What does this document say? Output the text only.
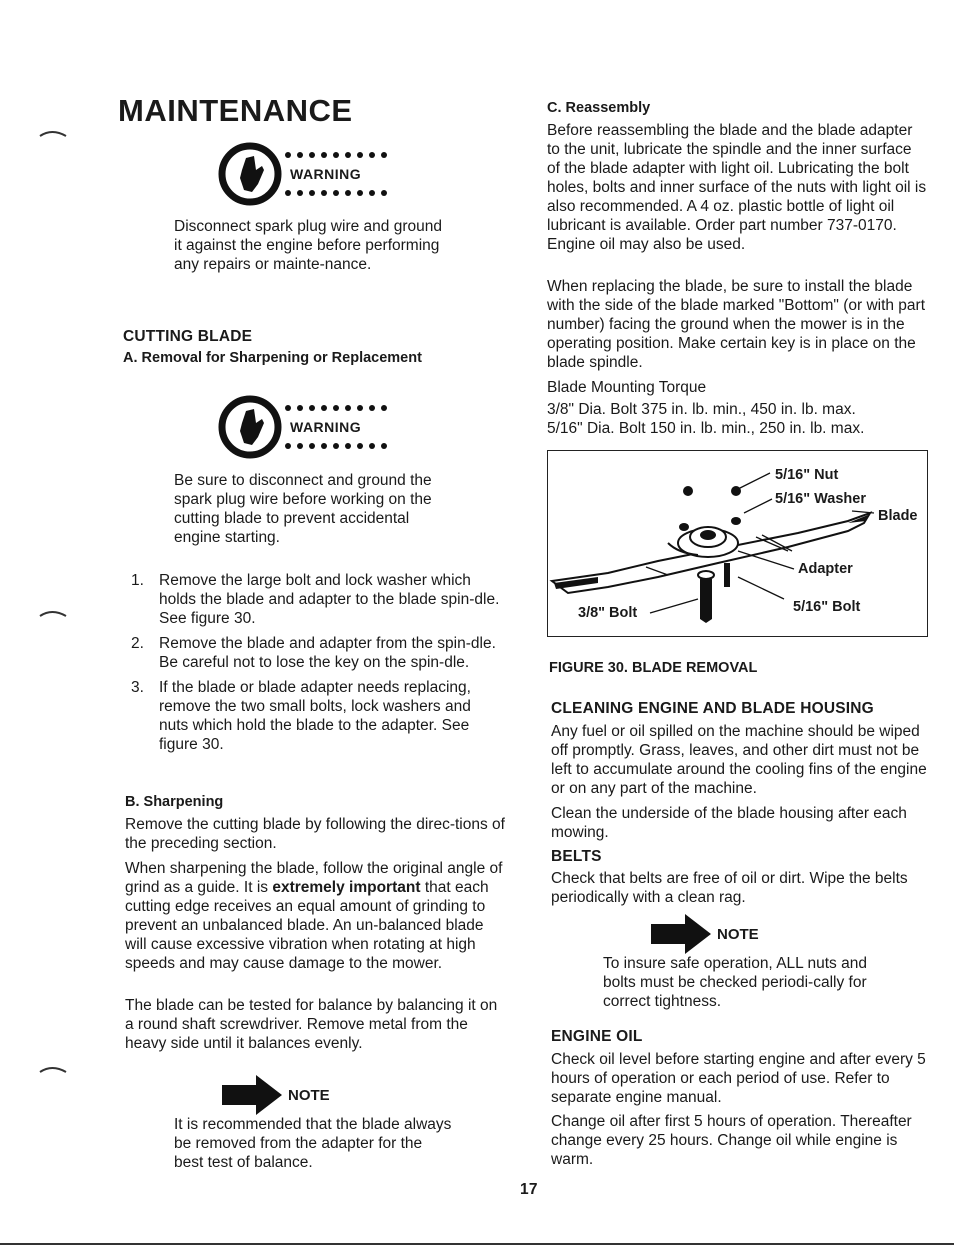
MAINTENANCE
WARNING

Disconnect spark plug wire and ground it against the engine before performing any repairs or mainte-nance.

CUTTING BLADE
A. Removal for Sharpening or Replacement
WARNING

Be sure to disconnect and ground the spark plug wire before working on the cutting blade to prevent accidental engine starting.

1. Remove the large bolt and lock washer which holds the blade and adapter to the blade spin-dle. See figure 30.
2. Remove the blade and adapter from the spin-dle. Be careful not to lose the key on the spin-dle.
3. If the blade or blade adapter needs replacing, remove the two small bolts, lock washers and nuts which hold the blade to the adapter. See figure 30.
B. Sharpening

Remove the cutting blade by following the direc-tions of the preceding section.

When sharpening the blade, follow the original angle of grind as a guide. It is extremely important that each cutting edge receives an equal amount of grinding to prevent an unbalanced blade. An un-balanced blade will cause excessive vibration when rotating at high speeds and may cause damage to the mower.

The blade can be tested for balance by balancing it on a round shaft screwdriver. Remove metal from the heavy side until it balances evenly.

NOTE

It is recommended that the blade always be removed from the adapter for the best test of balance.

C. Reassembly

Before reassembling the blade and the blade adapter to the unit, lubricate the spindle and the inner surface of the blade adapter with light oil. Lubricating the bolt holes, bolts and inner surface of the nuts with light oil is also recommended. A 4 oz. plastic bottle of light oil lubricant is available. Order part number 737-0170. Engine oil may also be used.

When replacing the blade, be sure to install the blade with the side of the blade marked "Bottom" (or with part number) facing the ground when the mower is in the operating position. Make certain key is in place on the blade spindle.

Blade Mounting Torque

3/8" Dia. Bolt 375 in. lb. min., 450 in. lb. max.

5/16" Dia. Bolt 150 in. lb. min., 250 in. lb. max.

5/16" Nut
5/16" Washer
Blade
Adapter
5/16" Bolt
3/8" Bolt
FIGURE 30. BLADE REMOVAL
CLEANING ENGINE AND BLADE HOUSING

Any fuel or oil spilled on the machine should be wiped off promptly. Grass, leaves, and other dirt must not be left to accumulate around the cooling fins of the engine or on any part of the machine.

Clean the underside of the blade housing after each mowing.

BELTS

Check that belts are free of oil or dirt. Wipe the belts periodically with a clean rag.

NOTE

To insure safe operation, ALL nuts and bolts must be checked periodi-cally for correct tightness.

ENGINE OIL

Check oil level before starting engine and after every 5 hours of operation or each period of use. Refer to separate engine manual.

Change oil after first 5 hours of operation. Thereafter change every 25 hours. Change oil while engine is warm.

17
